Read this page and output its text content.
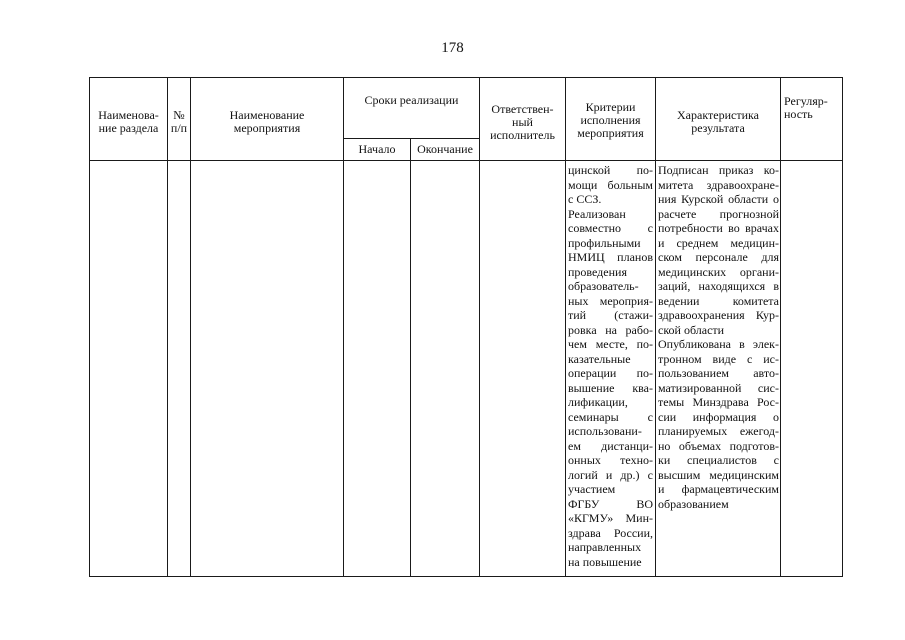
178
Наименова-
ние раздела
№
п/п
Наименование
мероприятия
Сроки реализации
Начало Окончание
Ответствен-
ный
исполнитель
Критерии
исполнения
мероприятия
Характеристика
результата
Регуляр-
ность
цинской по-
мощи больным
с ССЗ.
Реализован
совместно с
профильными
НМИЦ планов
проведения
образователь-
ных мероприя-
тий (стажи-
ровка на рабо-
чем месте, по-
казательные
операции по-
вышение ква-
лификации,
семинары с
использовани-
ем дистанци-
онных техно-
логий и др.) с
участием
ФГБУ ВО
«КГМУ» Мин-
здрава России,
направленных
на повышение
Подписан приказ ко-
митета здравоохране-
ния Курской области о
расчете прогнозной
потребности во врачах
и среднем медицин-
ском персонале для
медицинских органи-
заций, находящихся в
ведении комитета
здравоохранения Кур-
ской области
Опубликована в элек-
тронном виде с ис-
пользованием авто-
матизированной сис-
темы Минздрава Рос-
сии информация о
планируемых ежегод-
но объемах подготов-
ки специалистов с
высшим медицинским
и фармацевтическим
образованием
